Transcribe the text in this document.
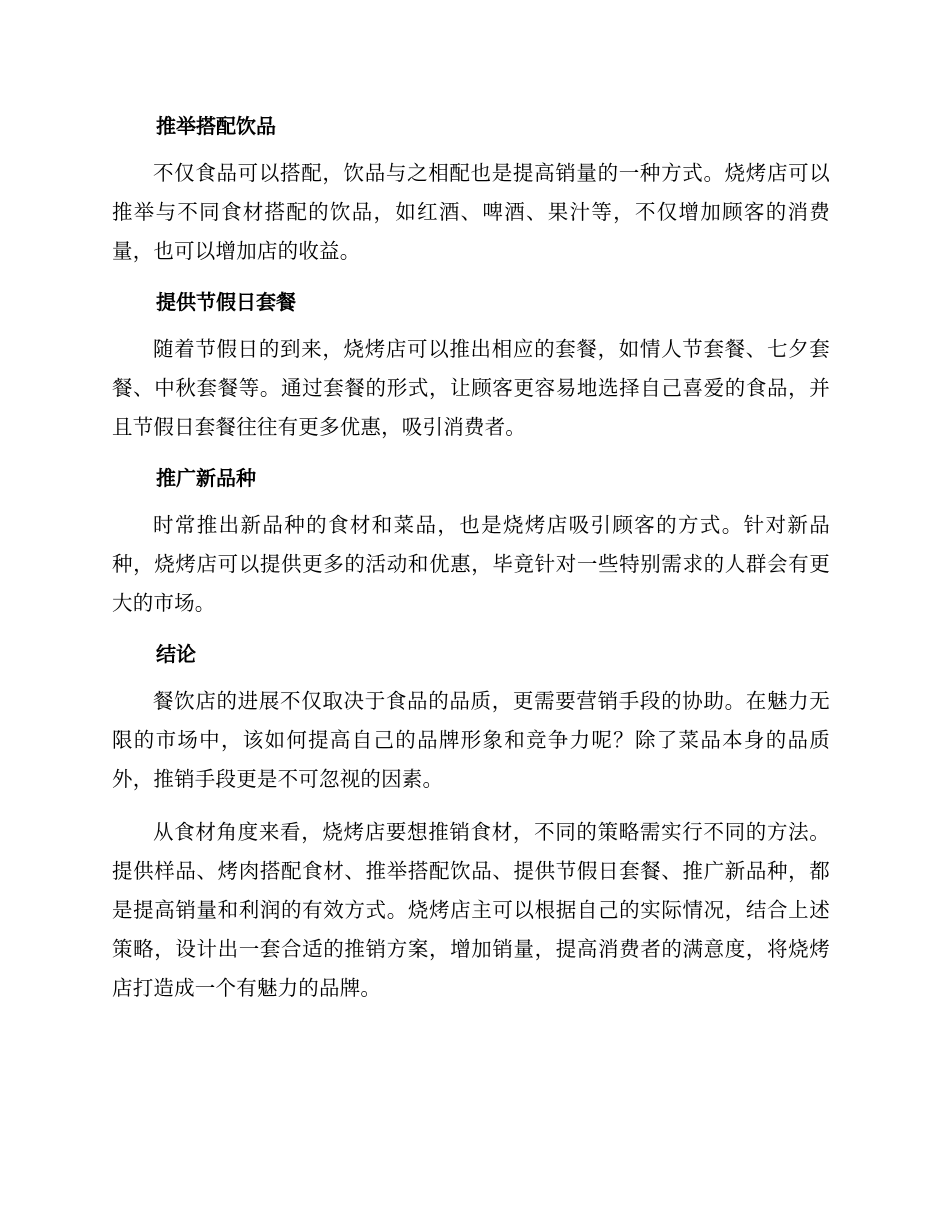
推举搭配饮品

不仅食品可以搭配，饮品与之相配也是提高销量的一种方式。烧烤店可以推举与不同食材搭配的饮品，如红酒、啤酒、果汁等，不仅增加顾客的消费量，也可以增加店的收益。

提供节假日套餐

随着节假日的到来，烧烤店可以推出相应的套餐，如情人节套餐、七夕套餐、中秋套餐等。通过套餐的形式，让顾客更容易地选择自己喜爱的食品，并且节假日套餐往往有更多优惠，吸引消费者。

推广新品种

时常推出新品种的食材和菜品，也是烧烤店吸引顾客的方式。针对新品种，烧烤店可以提供更多的活动和优惠，毕竟针对一些特别需求的人群会有更大的市场。

结论

餐饮店的进展不仅取决于食品的品质，更需要营销手段的协助。在魅力无限的市场中，该如何提高自己的品牌形象和竞争力呢？除了菜品本身的品质外，推销手段更是不可忽视的因素。

从食材角度来看，烧烤店要想推销食材，不同的策略需实行不同的方法。提供样品、烤肉搭配食材、推举搭配饮品、提供节假日套餐、推广新品种，都是提高销量和利润的有效方式。烧烤店主可以根据自己的实际情况，结合上述策略，设计出一套合适的推销方案，增加销量，提高消费者的满意度，将烧烤店打造成一个有魅力的品牌。
